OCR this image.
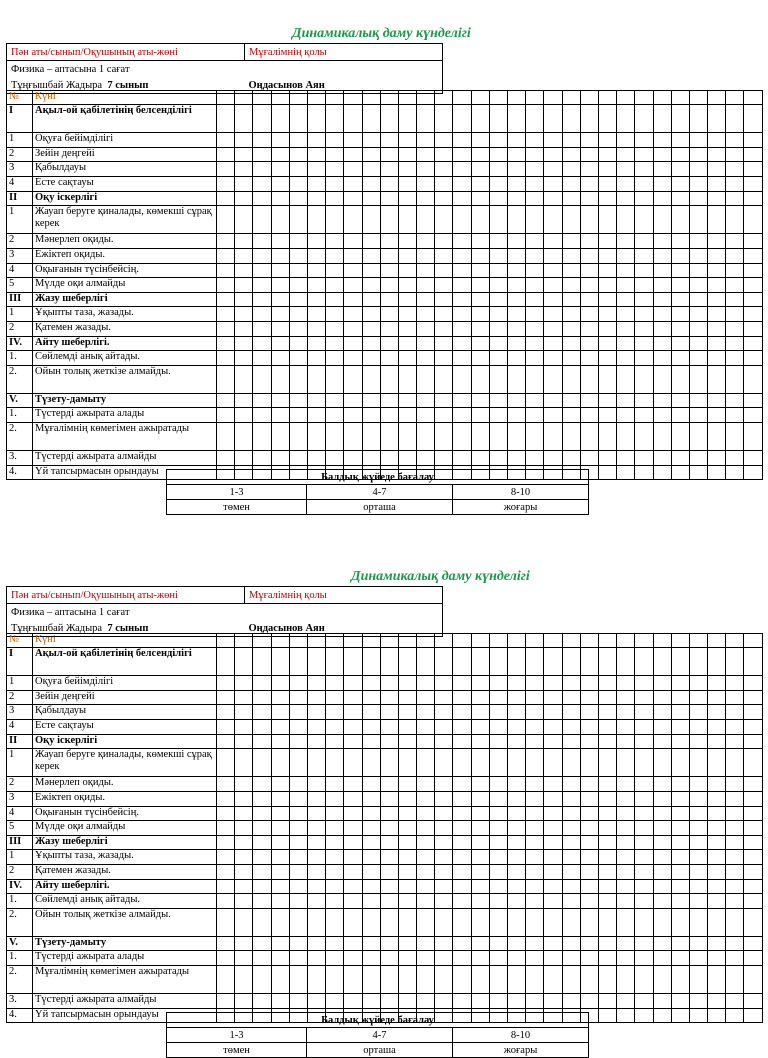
Динамикалық даму күнделігі
Пән аты/сынып/Оқушының аты-жөні	Мұғалімнің қолы
Физика – аптасына 1 сағат	
Тұңғышбай Жадыра 7 сынып	Оңдасынов Аян
№	Күні																														
I	Ақыл-ой қабілетінің белсенділігі																														
1	Оқуға бейімділігі																														
2	Зейін деңгейі																														
3	Қабылдауы																														
4	Есте сақтауы																														
II	Оқу іскерлігі																														
1	Жауап беруге қиналады, көмекші сұрақ керек																														
2	Мәнерлеп оқиды.																														
3	Ежіктеп оқиды.																														
4	Оқығанын түсінбейсің.																														
5	Мүлде оқи алмайды																														
III	Жазу шеберлігі																														
1	Ұқыпты таза, жазады.																														
2	Қатемен жазады.																														
IV.	Айту шеберлігі.																														
1.	Сөйлемді анық айтады.																														
2.	Ойын толық жеткізе алмайды.																														
V.	Түзету-дамыту																														
1.	Түстерді ажырата алады																														
2.	Мұғалімнің көмегімен ажыратады																														
3.	Түстерді ажырата алмайды																														
4.	Үй тапсырмасын орындауы																														
Балдық жүйеде бағалау		
1-3	4-7	8-10
төмен	орташа	жоғары
Динамикалық даму күнделігі
Пән аты/сынып/Оқушының аты-жөні	Мұғалімнің қолы
Физика – аптасына 1 сағат	
Тұңғышбай Жадыра 7 сынып	Оңдасынов Аян
№	Күні																														
I	Ақыл-ой қабілетінің белсенділігі																														
1	Оқуға бейімділігі																														
2	Зейін деңгейі																														
3	Қабылдауы																														
4	Есте сақтауы																														
II	Оқу іскерлігі																														
1	Жауап беруге қиналады, көмекші сұрақ керек																														
2	Мәнерлеп оқиды.																														
3	Ежіктеп оқиды.																														
4	Оқығанын түсінбейсің.																														
5	Мүлде оқи алмайды																														
III	Жазу шеберлігі																														
1	Ұқыпты таза, жазады.																														
2	Қатемен жазады.																														
IV.	Айту шеберлігі.																														
1.	Сөйлемді анық айтады.																														
2.	Ойын толық жеткізе алмайды.																														
V.	Түзету-дамыту																														
1.	Түстерді ажырата алады																														
2.	Мұғалімнің көмегімен ажыратады																														
3.	Түстерді ажырата алмайды																														
4.	Үй тапсырмасын орындауы																														
Балдық жүйеде бағалау		
1-3	4-7	8-10
төмен	орташа	жоғары
